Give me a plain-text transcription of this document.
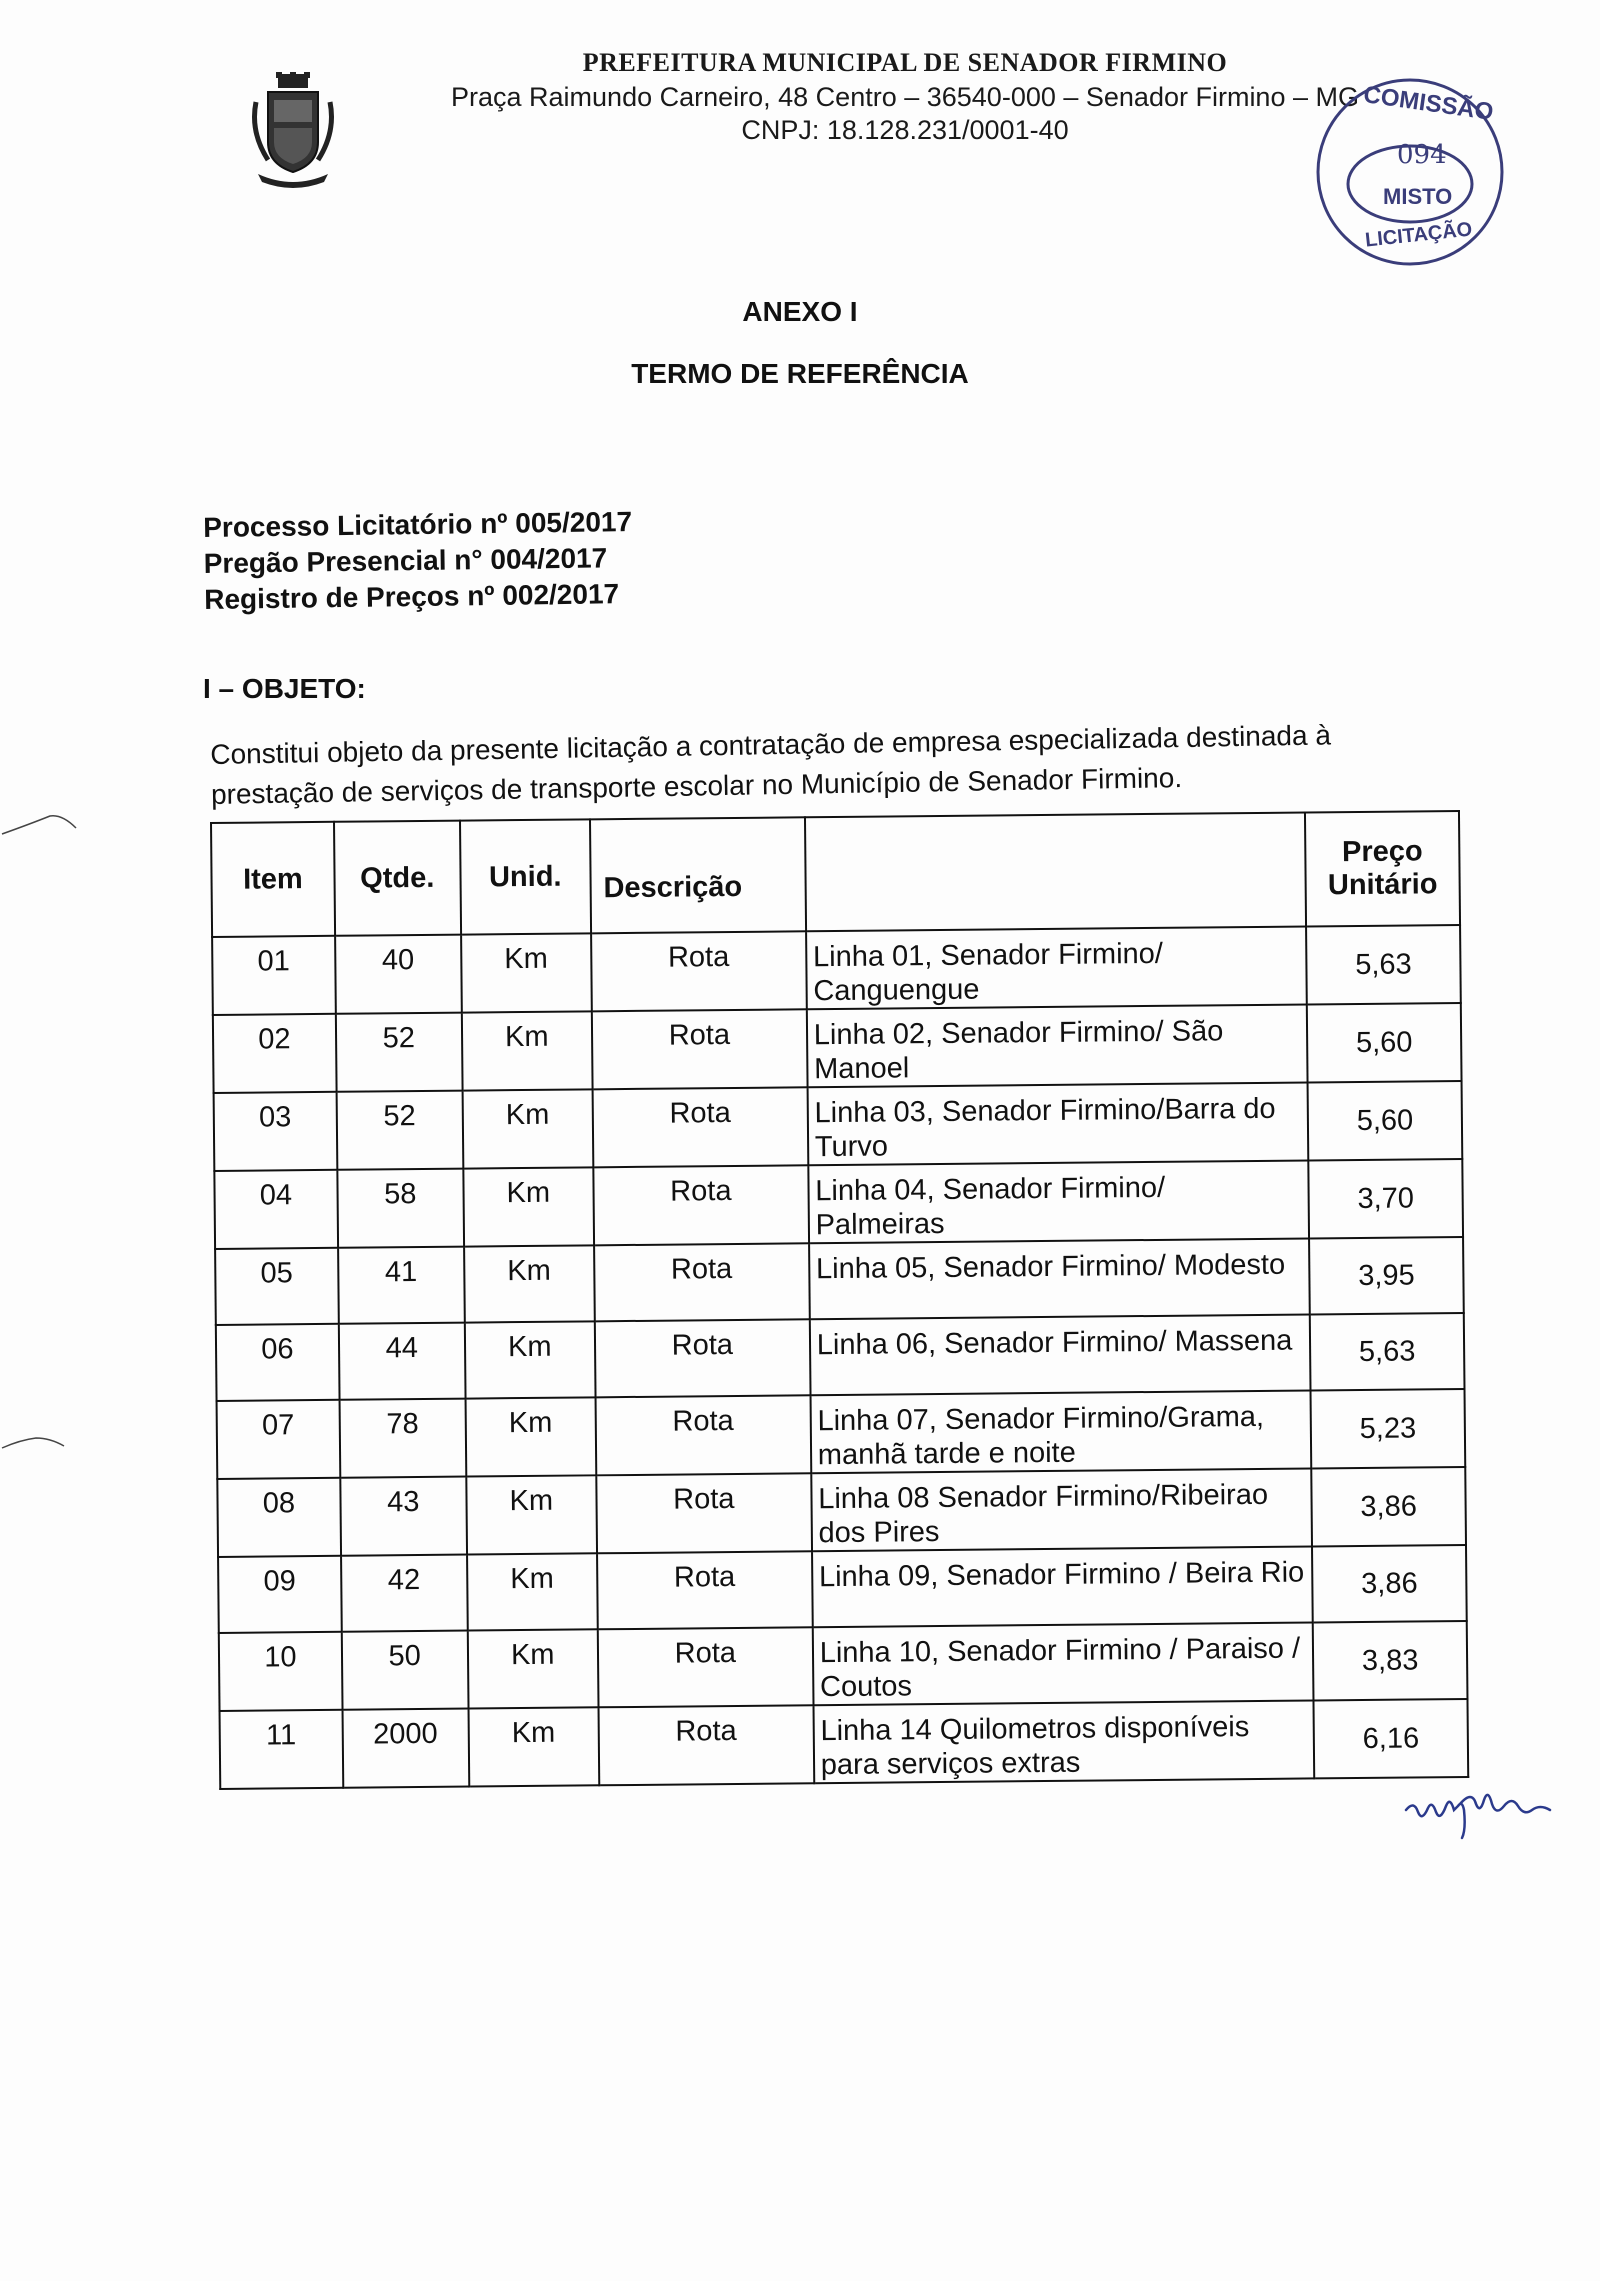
PREFEITURA MUNICIPAL DE SENADOR FIRMINO
Praça Raimundo Carneiro, 48 Centro – 36540-000 – Senador Firmino – MG
CNPJ: 18.128.231/0001-40
COMISSÃO
094
MISTO
LICITAÇÃO
ANEXO I
TERMO DE REFERÊNCIA
Processo Licitatório nº 005/2017
Pregão Presencial n° 004/2017
Registro de Preços nº 002/2017
I – OBJETO:
Constitui objeto da presente licitação a contratação de empresa especializada destinada à prestação de serviços de transporte escolar no Município de Senador Firmino.
Item	Qtde.	Unid.	Descrição		Preço Unitário
01	40	Km	Rota	Linha 01, Senador Firmino/ Canguengue	5,63
02	52	Km	Rota	Linha 02, Senador Firmino/ São Manoel	5,60
03	52	Km	Rota	Linha 03, Senador Firmino/Barra do Turvo	5,60
04	58	Km	Rota	Linha 04, Senador Firmino/ Palmeiras	3,70
05	41	Km	Rota	Linha 05, Senador Firmino/ Modesto	3,95
06	44	Km	Rota	Linha 06, Senador Firmino/ Massena	5,63
07	78	Km	Rota	Linha 07, Senador Firmino/Grama, manhã tarde e noite	5,23
08	43	Km	Rota	Linha 08 Senador Firmino/Ribeirao dos Pires	3,86
09	42	Km	Rota	Linha 09, Senador Firmino / Beira Rio	3,86
10	50	Km	Rota	Linha 10, Senador Firmino / Paraiso / Coutos	3,83
11	2000	Km	Rota	Linha 14 Quilometros disponíveis para serviços extras	6,16
